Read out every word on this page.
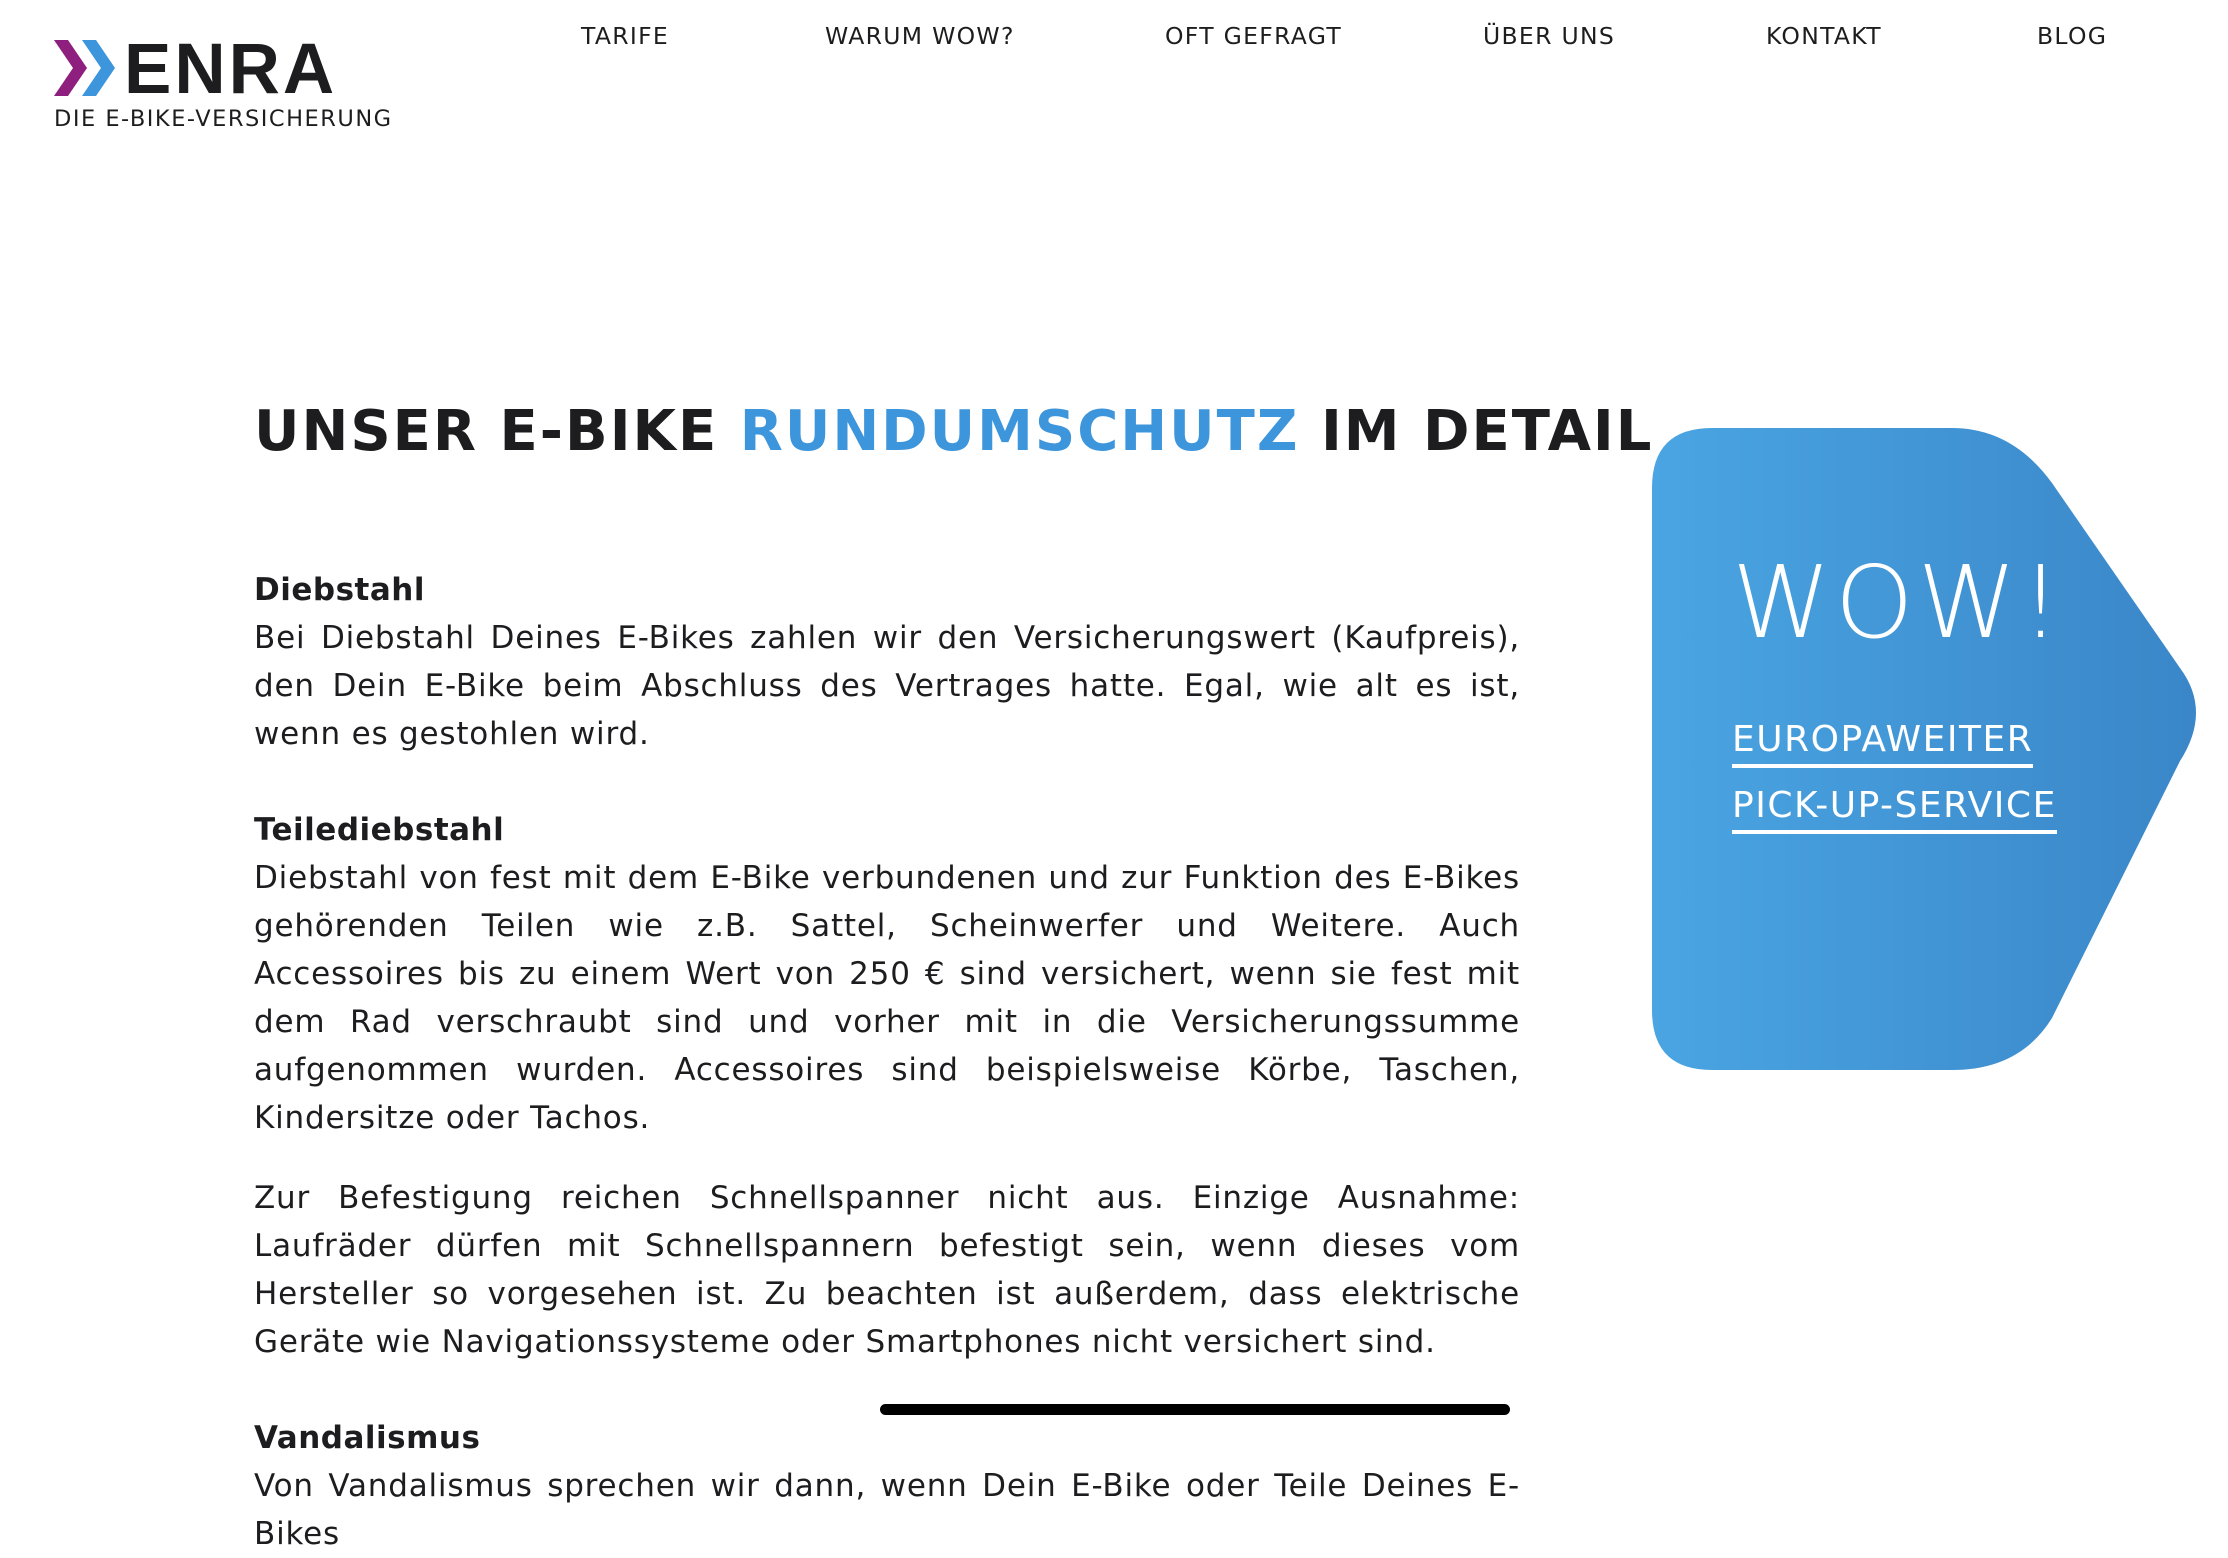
ENRA
DIE E-BIKE-VERSICHERUNG
TARIFE	WARUM WOW?	OFT GEFRAGT	ÜBER UNS	KONTAKT	BLOG
UNSER E-BIKE RUNDUMSCHUTZ IM DETAIL
Diebstahl

Bei Diebstahl Deines E-Bikes zahlen wir den Versicherungswert (Kaufpreis), den Dein E-Bike beim Abschluss des Vertrages hatte. Egal, wie alt es ist, wenn es gestohlen wird.

Teilediebstahl

Diebstahl von fest mit dem E-Bike verbundenen und zur Funktion des E-Bikes gehörenden Teilen wie z.B. Sattel, Scheinwerfer und Weitere. Auch Accessoires bis zu einem Wert von 250 € sind versichert, wenn sie fest mit dem Rad verschraubt sind und vorher mit in die Versicherungssumme aufgenommen wurden. Accessoires sind beispielsweise Körbe, Taschen, Kindersitze oder Tachos.

Zur Befestigung reichen Schnellspanner nicht aus. Einzige Ausnahme: Laufräder dürfen mit Schnellspannern befestigt sein, wenn dieses vom Hersteller so vorgesehen ist. Zu beachten ist außerdem, dass elektrische Geräte wie Navigationssysteme oder Smartphones nicht versichert sind.

Vandalismus

Von Vandalismus sprechen wir dann, wenn Dein E-Bike oder Teile Deines E-Bikes

WOW!
EUROPAWEITER
PICK-UP-SERVICE
